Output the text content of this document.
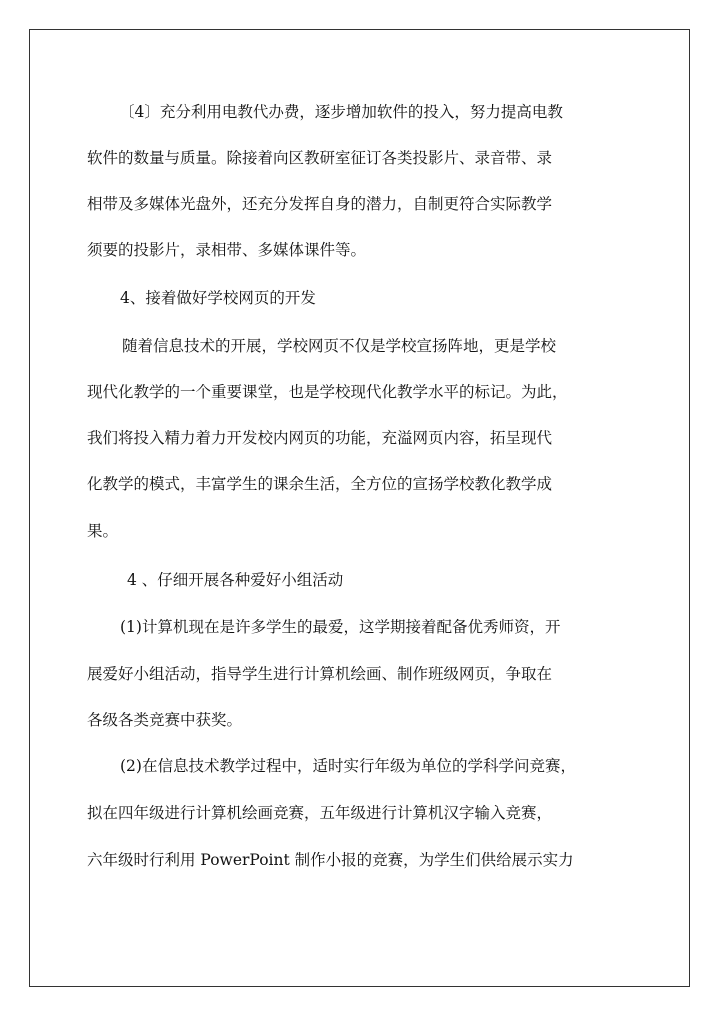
〔4〕充分利用电教代办费，逐步增加软件的投入，努力提高电教

软件的数量与质量。除接着向区教研室征订各类投影片、录音带、录

相带及多媒体光盘外，还充分发挥自身的潜力，自制更符合实际教学

须要的投影片，录相带、多媒体课件等。

4、接着做好学校网页的开发

随着信息技术的开展，学校网页不仅是学校宣扬阵地，更是学校

现代化教学的一个重要课堂，也是学校现代化教学水平的标记。为此，

我们将投入精力着力开发校内网页的功能，充溢网页内容，拓呈现代

化教学的模式，丰富学生的课余生活，全方位的宣扬学校教化教学成

果。

4 、仔细开展各种爱好小组活动

(1)计算机现在是许多学生的最爱，这学期接着配备优秀师资，开

展爱好小组活动，指导学生进行计算机绘画、制作班级网页，争取在

各级各类竞赛中获奖。

(2)在信息技术教学过程中，适时实行年级为单位的学科学问竞赛，

拟在四年级进行计算机绘画竞赛，五年级进行计算机汉字输入竞赛，

六年级时行利用 PowerPoint 制作小报的竞赛，为学生们供给展示实力
